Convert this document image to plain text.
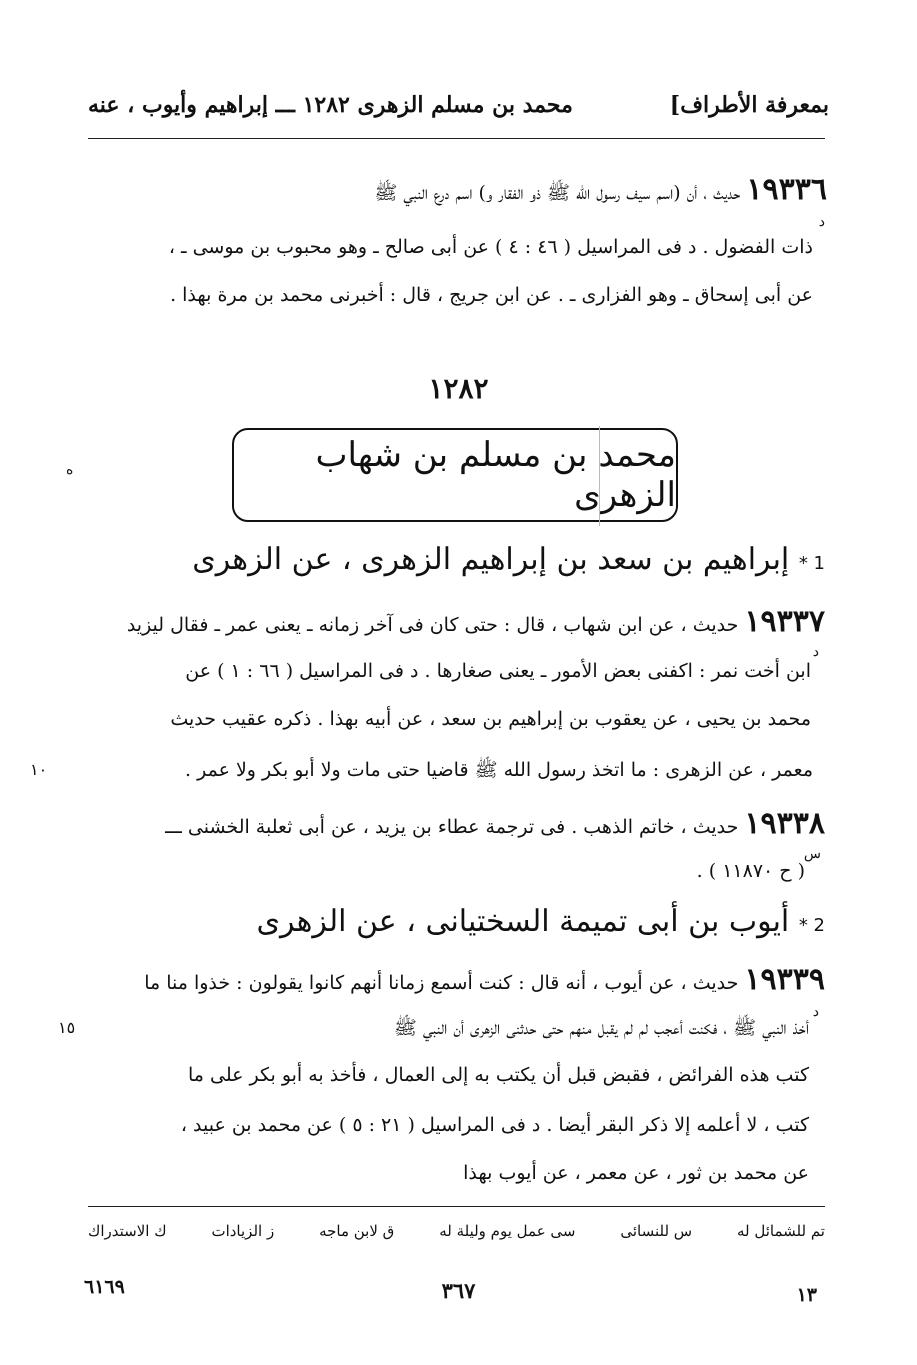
محمد بن مسلم الزهرى ١٢٨٢ ـــ إبراهيم وأيوب ، عنه	بمعرفة الأطراف]
١٩٣٣٦ حديث ، أن (اسم سيف رسول الله ﷺ ذو الفقار و) اسم درع النبي ﷺ
د
ذات الفضول . د فى المراسيل ( ٤٦ : ٤ ) عن أبى صالح ـ وهو محبوب بن موسى ـ ،
عن أبى إسحاق ـ وهو الفزارى ـ . عن ابن جريج ، قال : أخبرنى محمد بن مرة بهذا .
١٢٨٢
ه	محمد بن مسلم بن شهاب الزهرى
1 * إبراهيم بن سعد بن إبراهيم الزهرى ، عن الزهرى
١٩٣٣٧ حديث ، عن ابن شهاب ، قال : حتى كان فى آخر زمانه ـ يعنى عمر ـ فقال ليزيد
د
ابن أخت نمر : اكفنى بعض الأمور ـ يعنى صغارها . د فى المراسيل ( ٦٦ : ١ ) عن
محمد بن يحيى ، عن يعقوب بن إبراهيم بن سعد ، عن أبيه بهذا . ذكره عقيب حديث
معمر ، عن الزهرى : ما اتخذ رسول الله ﷺ قاضيا حتى مات ولا أبو بكر ولا عمر .
١٠
١٩٣٣٨ حديث ، خاتم الذهب . فى ترجمة عطاء بن يزيد ، عن أبى ثعلبة الخشنى ـــ
س
( ح ١١٨٧٠ ) .
2 * أيوب بن أبى تميمة السختيانى ، عن الزهرى
١٩٣٣٩ حديث ، عن أيوب ، أنه قال : كنت أسمع زمانا أنهم كانوا يقولون : خذوا منا ما
د
أخذ النبي ﷺ ، فكنت أعجب لم لم يقبل منهم حتى حدثنى الزهرى أن النبي ﷺ
١٥
كتب هذه الفرائض ، فقبض قبل أن يكتب به إلى العمال ، فأخذ به أبو بكر على ما
كتب ، لا أعلمه إلا ذكر البقر أيضا . د فى المراسيل ( ٢١ : ٥ ) عن محمد بن عبيد ،
عن محمد بن ثور ، عن معمر ، عن أيوب بهذا
تم للشمائل له
س للنسائى
سى عمل يوم وليلة له
ق لابن ماجه
ز الزيادات
ك الاستدراك
٦١٦٩	٣٦٧	١٣
